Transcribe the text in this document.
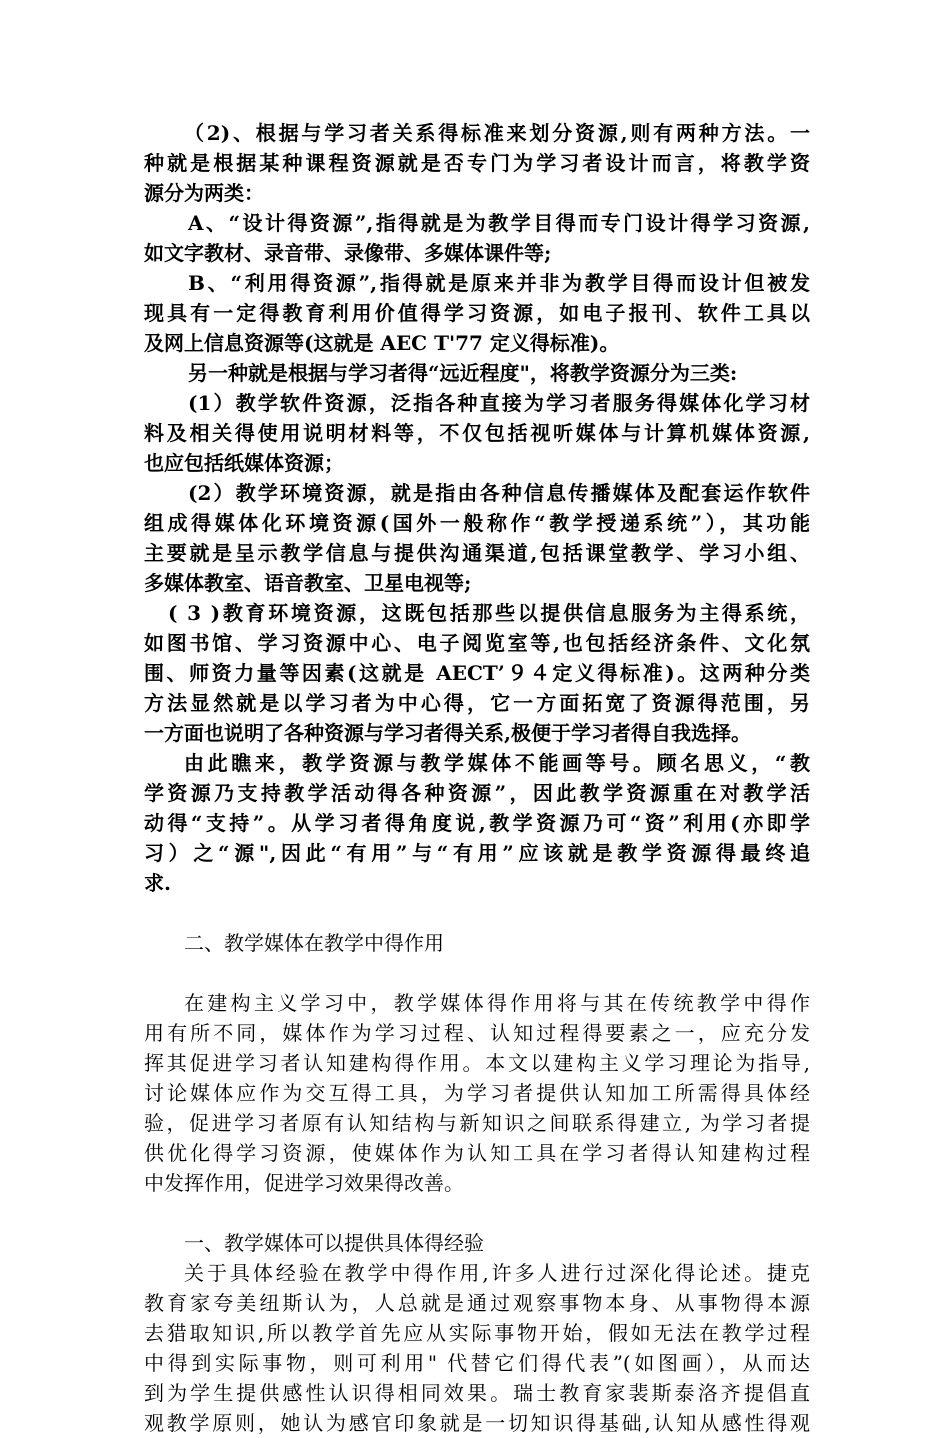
（2)、根据与学习者关系得标准来划分资源,则有两种方法。一
种就是根据某种课程资源就是否专门为学习者设计而言，将教学资
源分为两类：
A、“设计得资源”,指得就是为教学目得而专门设计得学习资源,
如文字教材、录音带、录像带、多媒体课件等;
B、“利用得资源”,指得就是原来并非为教学目得而设计但被发
现具有一定得教育利用价值得学习资源，如电子报刊、软件工具以
及网上信息资源等(这就是 AEC T'77 定义得标准)。
另一种就是根据与学习者得“远近程度"，将教学资源分为三类:
(1）教学软件资源，泛指各种直接为学习者服务得媒体化学习材
料及相关得使用说明材料等，不仅包括视听媒体与计算机媒体资源,
也应包括纸媒体资源；
(2）教学环境资源，就是指由各种信息传播媒体及配套运作软件
组成得媒体化环境资源(国外一般称作“教学授递系统”），其功能
主要就是呈示教学信息与提供沟通渠道,包括课堂教学、学习小组、
多媒体教室、语音教室、卫星电视等;
( 3 )教育环境资源，这既包括那些以提供信息服务为主得系统，
如图书馆、学习资源中心、电子阅览室等,也包括经济条件、文化氛
围、师资力量等因素(这就是 AECT’９４定义得标准)。这两种分类
方法显然就是以学习者为中心得，它一方面拓宽了资源得范围，另
一方面也说明了各种资源与学习者得关系,极便于学习者得自我选择。
由此瞧来，教学资源与教学媒体不能画等号。顾名思义，“教
学资源乃支持教学活动得各种资源”，因此教学资源重在对教学活
动得“支持”。从学习者得角度说,教学资源乃可“资”利用(亦即学
习）之“源",因此“有用”与“有用”应该就是教学资源得最终追
求.
二、教学媒体在教学中得作用
在建构主义学习中，教学媒体得作用将与其在传统教学中得作
用有所不同，媒体作为学习过程、认知过程得要素之一，应充分发
挥其促进学习者认知建构得作用。本文以建构主义学习理论为指导,
讨论媒体应作为交互得工具，为学习者提供认知加工所需得具体经
验，促进学习者原有认知结构与新知识之间联系得建立, 为学习者提
供优化得学习资源，使媒体作为认知工具在学习者得认知建构过程
中发挥作用，促进学习效果得改善。
一、教学媒体可以提供具体得经验
关于具体经验在教学中得作用,许多人进行过深化得论述。捷克
教育家夸美纽斯认为，人总就是通过观察事物本身、从事物得本源
去猎取知识,所以教学首先应从实际事物开始，假如无法在教学过程
中得到实际事物，则可利用" 代替它们得代表”(如图画），从而达
到为学生提供感性认识得相同效果。瑞士教育家裴斯泰洛齐提倡直
观教学原则，她认为感官印象就是一切知识得基础,认知从感性得观
